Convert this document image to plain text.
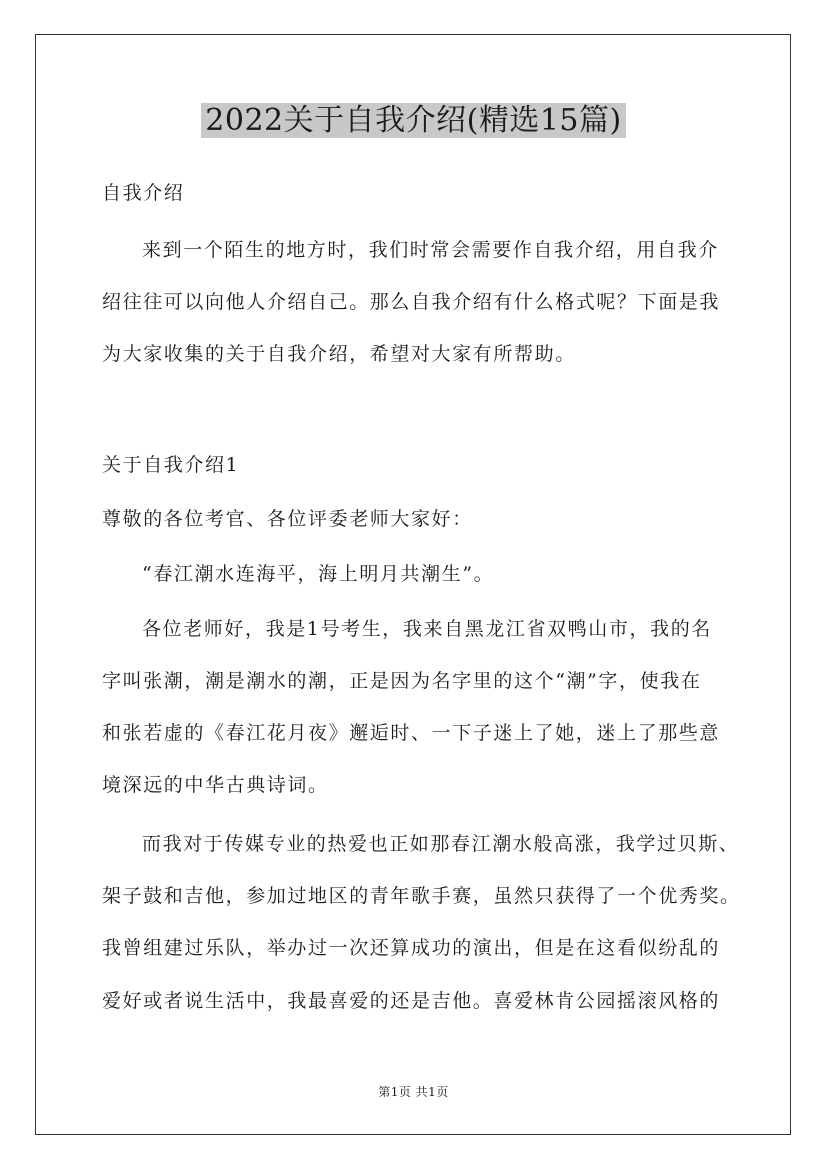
2022关于自我介绍(精选15篇)
自我介绍
来到一个陌生的地方时，我们时常会需要作自我介绍，用自我介
绍往往可以向他人介绍自己。那么自我介绍有什么格式呢？下面是我
为大家收集的关于自我介绍，希望对大家有所帮助。
关于自我介绍1
尊敬的各位考官、各位评委老师大家好：
“春江潮水连海平，海上明月共潮生”。
各位老师好，我是1号考生，我来自黑龙江省双鸭山市，我的名
字叫张潮，潮是潮水的潮，正是因为名字里的这个“潮”字，使我在
和张若虚的《春江花月夜》邂逅时、一下子迷上了她，迷上了那些意
境深远的中华古典诗词。
而我对于传媒专业的热爱也正如那春江潮水般高涨，我学过贝斯、
架子鼓和吉他，参加过地区的青年歌手赛，虽然只获得了一个优秀奖。
我曾组建过乐队，举办过一次还算成功的演出，但是在这看似纷乱的
爱好或者说生活中，我最喜爱的还是吉他。喜爱林肯公园摇滚风格的
第1页 共1页
